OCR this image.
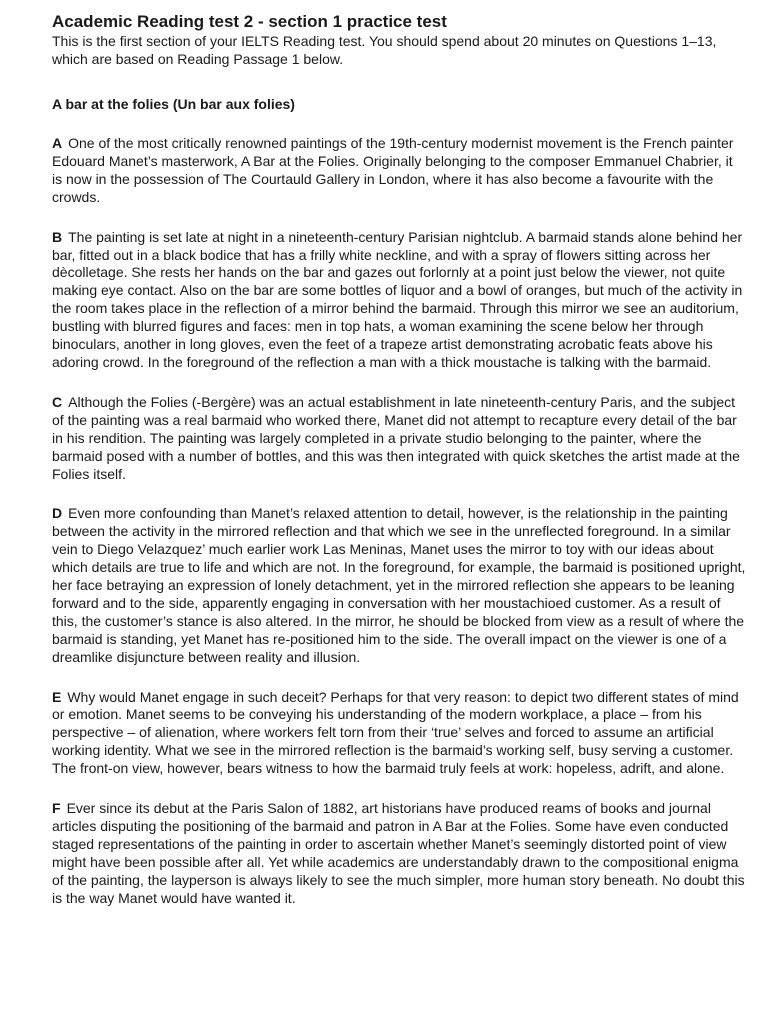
Academic Reading test 2 - section 1 practice test

This is the first section of your IELTS Reading test. You should spend about 20 minutes on Questions 1–13, which are based on Reading Passage 1 below.

A bar at the folies (Un bar aux folies)

A One of the most critically renowned paintings of the 19th-century modernist movement is the French painter Edouard Manet’s masterwork, A Bar at the Folies. Originally belonging to the composer Emmanuel Chabrier, it is now in the possession of The Courtauld Gallery in London, where it has also become a favourite with the crowds.

B The painting is set late at night in a nineteenth-century Parisian nightclub. A barmaid stands alone behind her bar, fitted out in a black bodice that has a frilly white neckline, and with a spray of flowers sitting across her dècolletage. She rests her hands on the bar and gazes out forlornly at a point just below the viewer, not quite making eye contact. Also on the bar are some bottles of liquor and a bowl of oranges, but much of the activity in the room takes place in the reflection of a mirror behind the barmaid. Through this mirror we see an auditorium, bustling with blurred figures and faces: men in top hats, a woman examining the scene below her through binoculars, another in long gloves, even the feet of a trapeze artist demonstrating acrobatic feats above his adoring crowd. In the foreground of the reflection a man with a thick moustache is talking with the barmaid.

C Although the Folies (-Bergère) was an actual establishment in late nineteenth-century Paris, and the subject of the painting was a real barmaid who worked there, Manet did not attempt to recapture every detail of the bar in his rendition. The painting was largely completed in a private studio belonging to the painter, where the barmaid posed with a number of bottles, and this was then integrated with quick sketches the artist made at the Folies itself.

D Even more confounding than Manet’s relaxed attention to detail, however, is the relationship in the painting between the activity in the mirrored reflection and that which we see in the unreflected foreground. In a similar vein to Diego Velazquez’ much earlier work Las Meninas, Manet uses the mirror to toy with our ideas about which details are true to life and which are not. In the foreground, for example, the barmaid is positioned upright, her face betraying an expression of lonely detachment, yet in the mirrored reflection she appears to be leaning forward and to the side, apparently engaging in conversation with her moustachioed customer. As a result of this, the customer’s stance is also altered. In the mirror, he should be blocked from view as a result of where the barmaid is standing, yet Manet has re-positioned him to the side. The overall impact on the viewer is one of a dreamlike disjuncture between reality and illusion.

E Why would Manet engage in such deceit? Perhaps for that very reason: to depict two different states of mind or emotion. Manet seems to be conveying his understanding of the modern workplace, a place – from his perspective – of alienation, where workers felt torn from their ‘true’ selves and forced to assume an artificial working identity. What we see in the mirrored reflection is the barmaid’s working self, busy serving a customer. The front-on view, however, bears witness to how the barmaid truly feels at work: hopeless, adrift, and alone.

F Ever since its debut at the Paris Salon of 1882, art historians have produced reams of books and journal articles disputing the positioning of the barmaid and patron in A Bar at the Folies. Some have even conducted staged representations of the painting in order to ascertain whether Manet’s seemingly distorted point of view might have been possible after all. Yet while academics are understandably drawn to the compositional enigma of the painting, the layperson is always likely to see the much simpler, more human story beneath. No doubt this is the way Manet would have wanted it.
